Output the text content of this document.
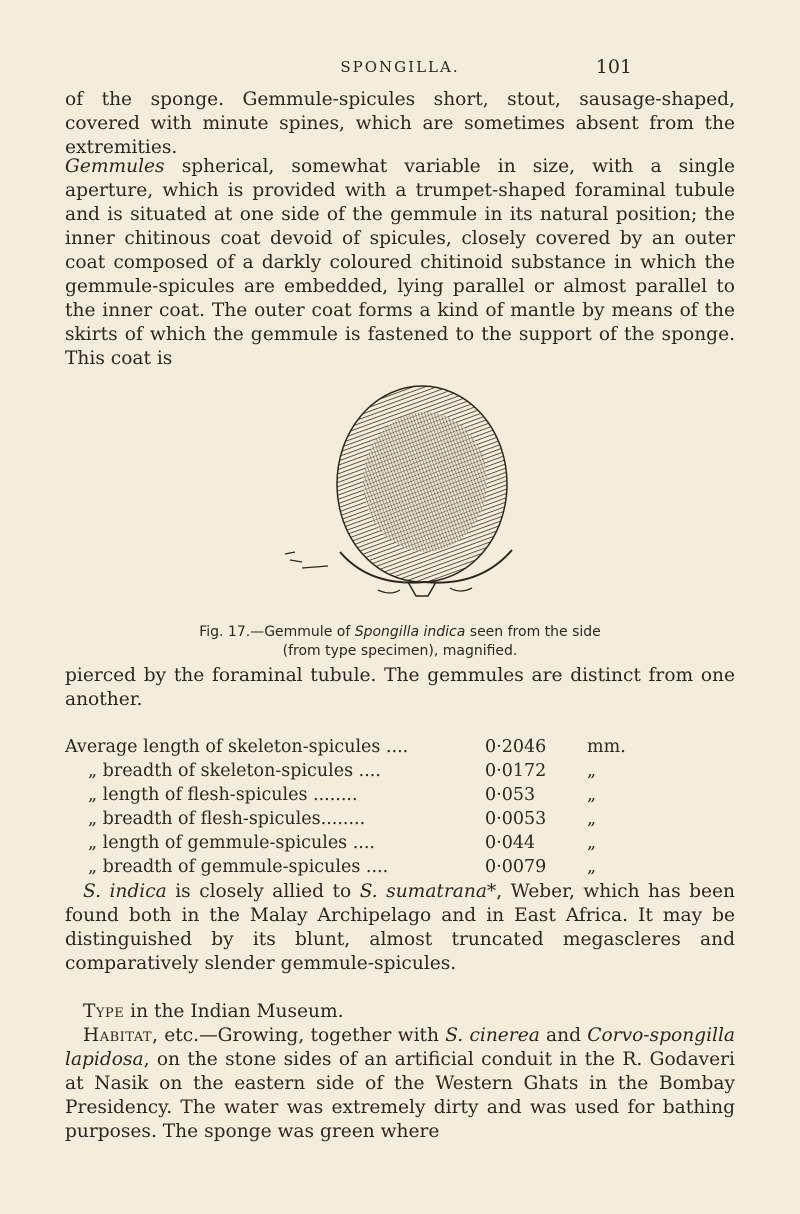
SPONGILLA.	101

of the sponge. Gemmule-spicules short, stout, sausage-shaped, covered with minute spines, which are sometimes absent from the extremities.

Gemmules spherical, somewhat variable in size, with a single aperture, which is provided with a trumpet-shaped foraminal tubule and is situated at one side of the gemmule in its natural position; the inner chitinous coat devoid of spicules, closely covered by an outer coat composed of a darkly coloured chitinoid substance in which the gemmule-spicules are embedded, lying parallel or almost parallel to the inner coat. The outer coat forms a kind of mantle by means of the skirts of which the gemmule is fastened to the support of the sponge. This coat is

Fig. 17.—Gemmule of Spongilla indica seen from the side
(from type specimen), magnified.

pierced by the foraminal tubule. The gemmules are distinct from one another.

Average length of skeleton-spicules ....	0·2046 mm.
„ breadth of skeleton-spicules ....	0·0172 „
„ length of flesh-spicules ........	0·053	„
„ breadth of flesh-spicules........	0·0053 „
„ length of gemmule-spicules ....	0·044	„
„ breadth of gemmule-spicules ....	0·0079 „

S. indica is closely allied to S. sumatrana*, Weber, which has been found both in the Malay Archipelago and in East Africa. It may be distinguished by its blunt, almost truncated megascleres and comparatively slender gemmule-spicules.

Type in the Indian Museum.

Habitat, etc.—Growing, together with S. cinerea and Corvo-spongilla lapidosa, on the stone sides of an artificial conduit in the R. Godaveri at Nasik on the eastern side of the Western Ghats in the Bombay Presidency. The water was extremely dirty and was used for bathing purposes. The sponge was green where
